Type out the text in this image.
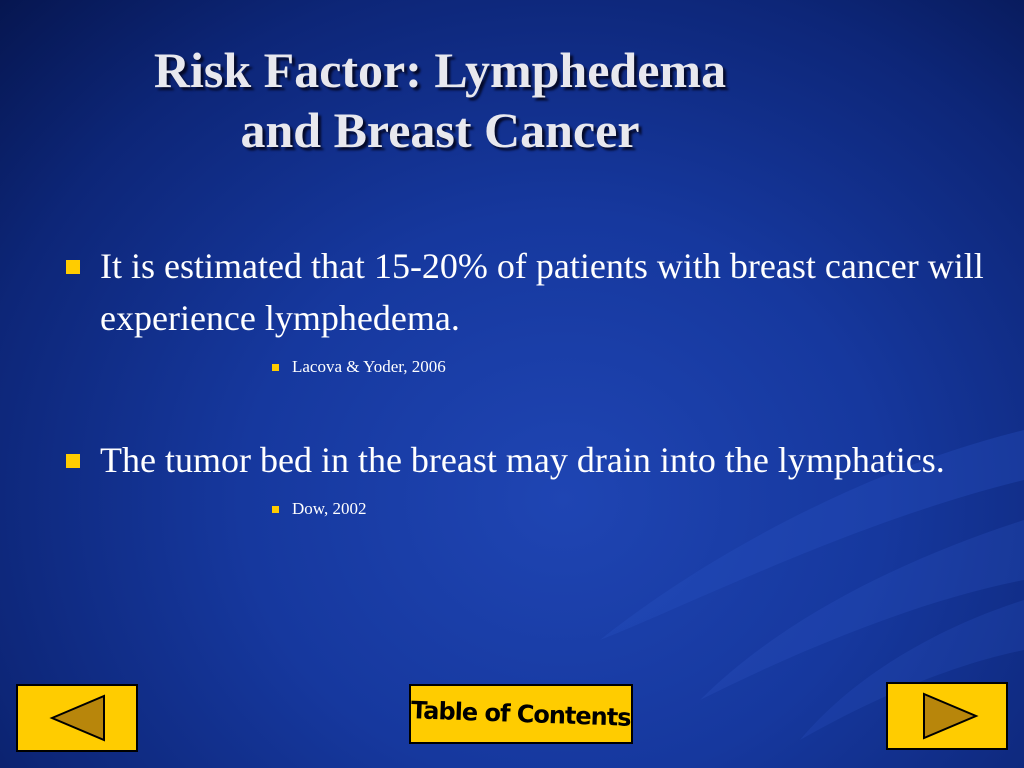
Risk Factor: Lymphedema
and Breast Cancer
It is estimated that 15-20% of patients with breast cancer will experience lymphedema.
Lacova & Yoder, 2006
The tumor bed in the breast may drain into the lymphatics.
Dow, 2002
Table of Contents
